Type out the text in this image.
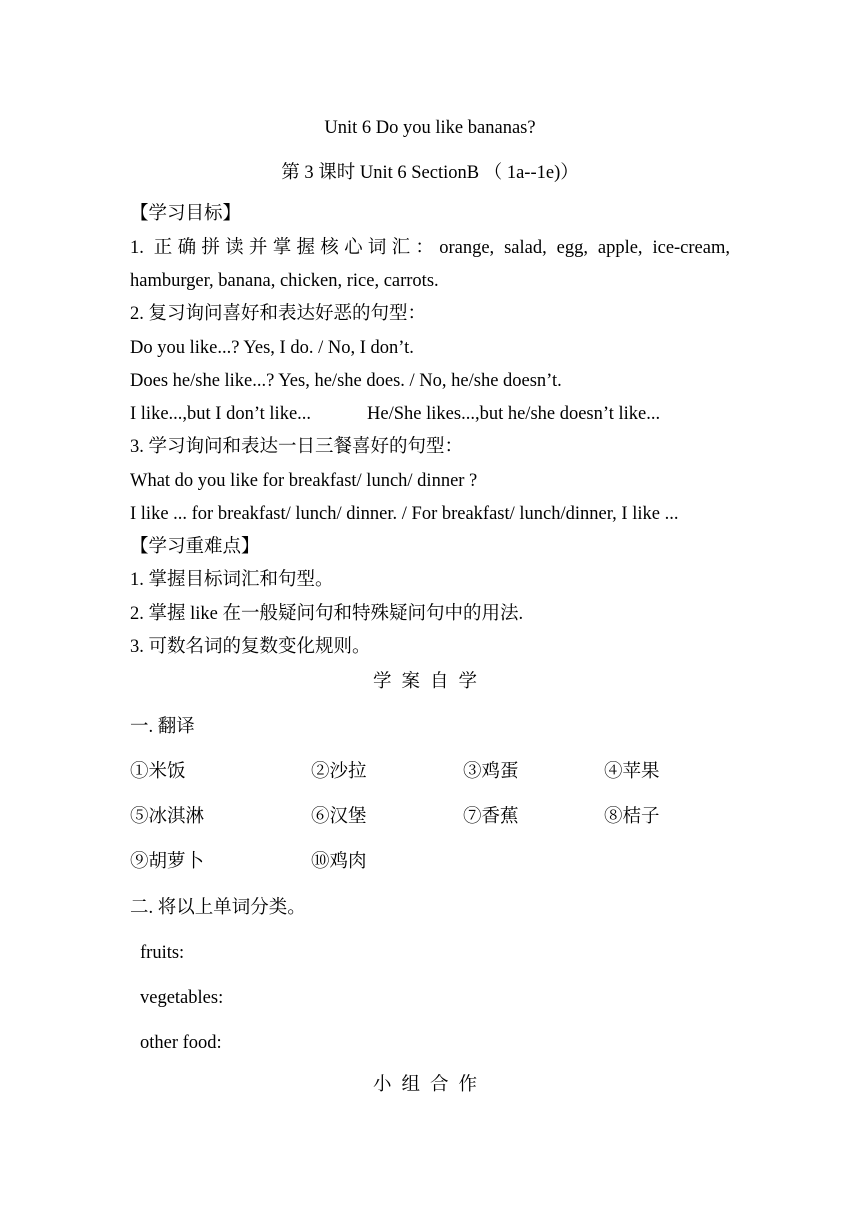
Unit 6 Do you like bananas?
第 3 课时 Unit 6 SectionB （ 1a--1e)）
【学习目标】
1. 正确拼读并掌握核心词汇：orange, salad, egg, apple, ice-cream,
hamburger, banana, chicken, rice, carrots.
2. 复习询问喜好和表达好恶的句型：
Do you like...? Yes, I do. / No, I don’t.
Does he/she like...? Yes, he/she does. / No, he/she doesn’t.
I like...,but I don’t like...	He/She likes...,but he/she doesn’t like...
3. 学习询问和表达一日三餐喜好的句型：
What do you like for breakfast/ lunch/ dinner ?
I like ... for breakfast/ lunch/ dinner. / For breakfast/ lunch/dinner, I like ...
【学习重难点】
1. 掌握目标词汇和句型。
2. 掌握 like 在一般疑问句和特殊疑问句中的用法.
3. 可数名词的复数变化规则。
学案自学
一. 翻译
①米饭	②沙拉	③鸡蛋	④苹果
⑤冰淇淋	⑥汉堡	⑦香蕉	⑧桔子
⑨胡萝卜	⑩鸡肉
二. 将以上单词分类。
fruits:
vegetables:
other food:
小组合作
